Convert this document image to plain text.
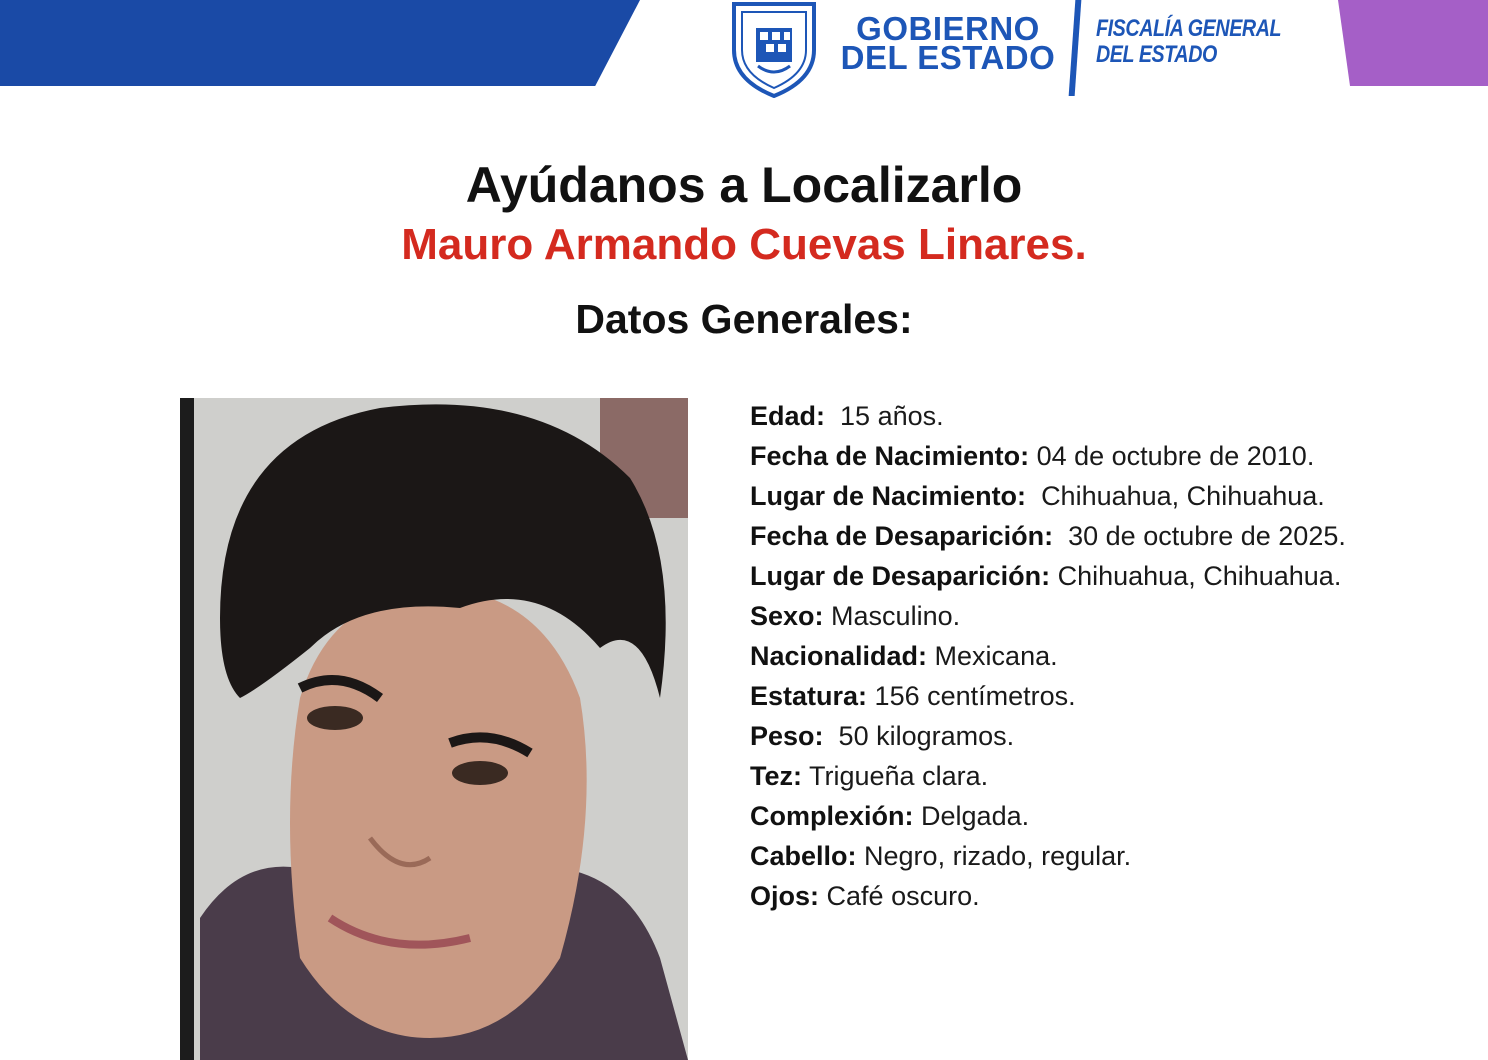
GOBIERNO
DEL ESTADO
FISCALÍA GENERAL
DEL ESTADO
Ayúdanos a Localizarlo
Mauro Armando Cuevas Linares.
Datos Generales:

Edad: 15 años.

Fecha de Nacimiento: 04 de octubre de 2010.

Lugar de Nacimiento: Chihuahua, Chihuahua.

Fecha de Desaparición: 30 de octubre de 2025.

Lugar de Desaparición: Chihuahua, Chihuahua.

Sexo: Masculino.

Nacionalidad: Mexicana.

Estatura: 156 centímetros.

Peso: 50 kilogramos.

Tez: Trigueña clara.

Complexión: Delgada.

Cabello: Negro, rizado, regular.

Ojos: Café oscuro.
